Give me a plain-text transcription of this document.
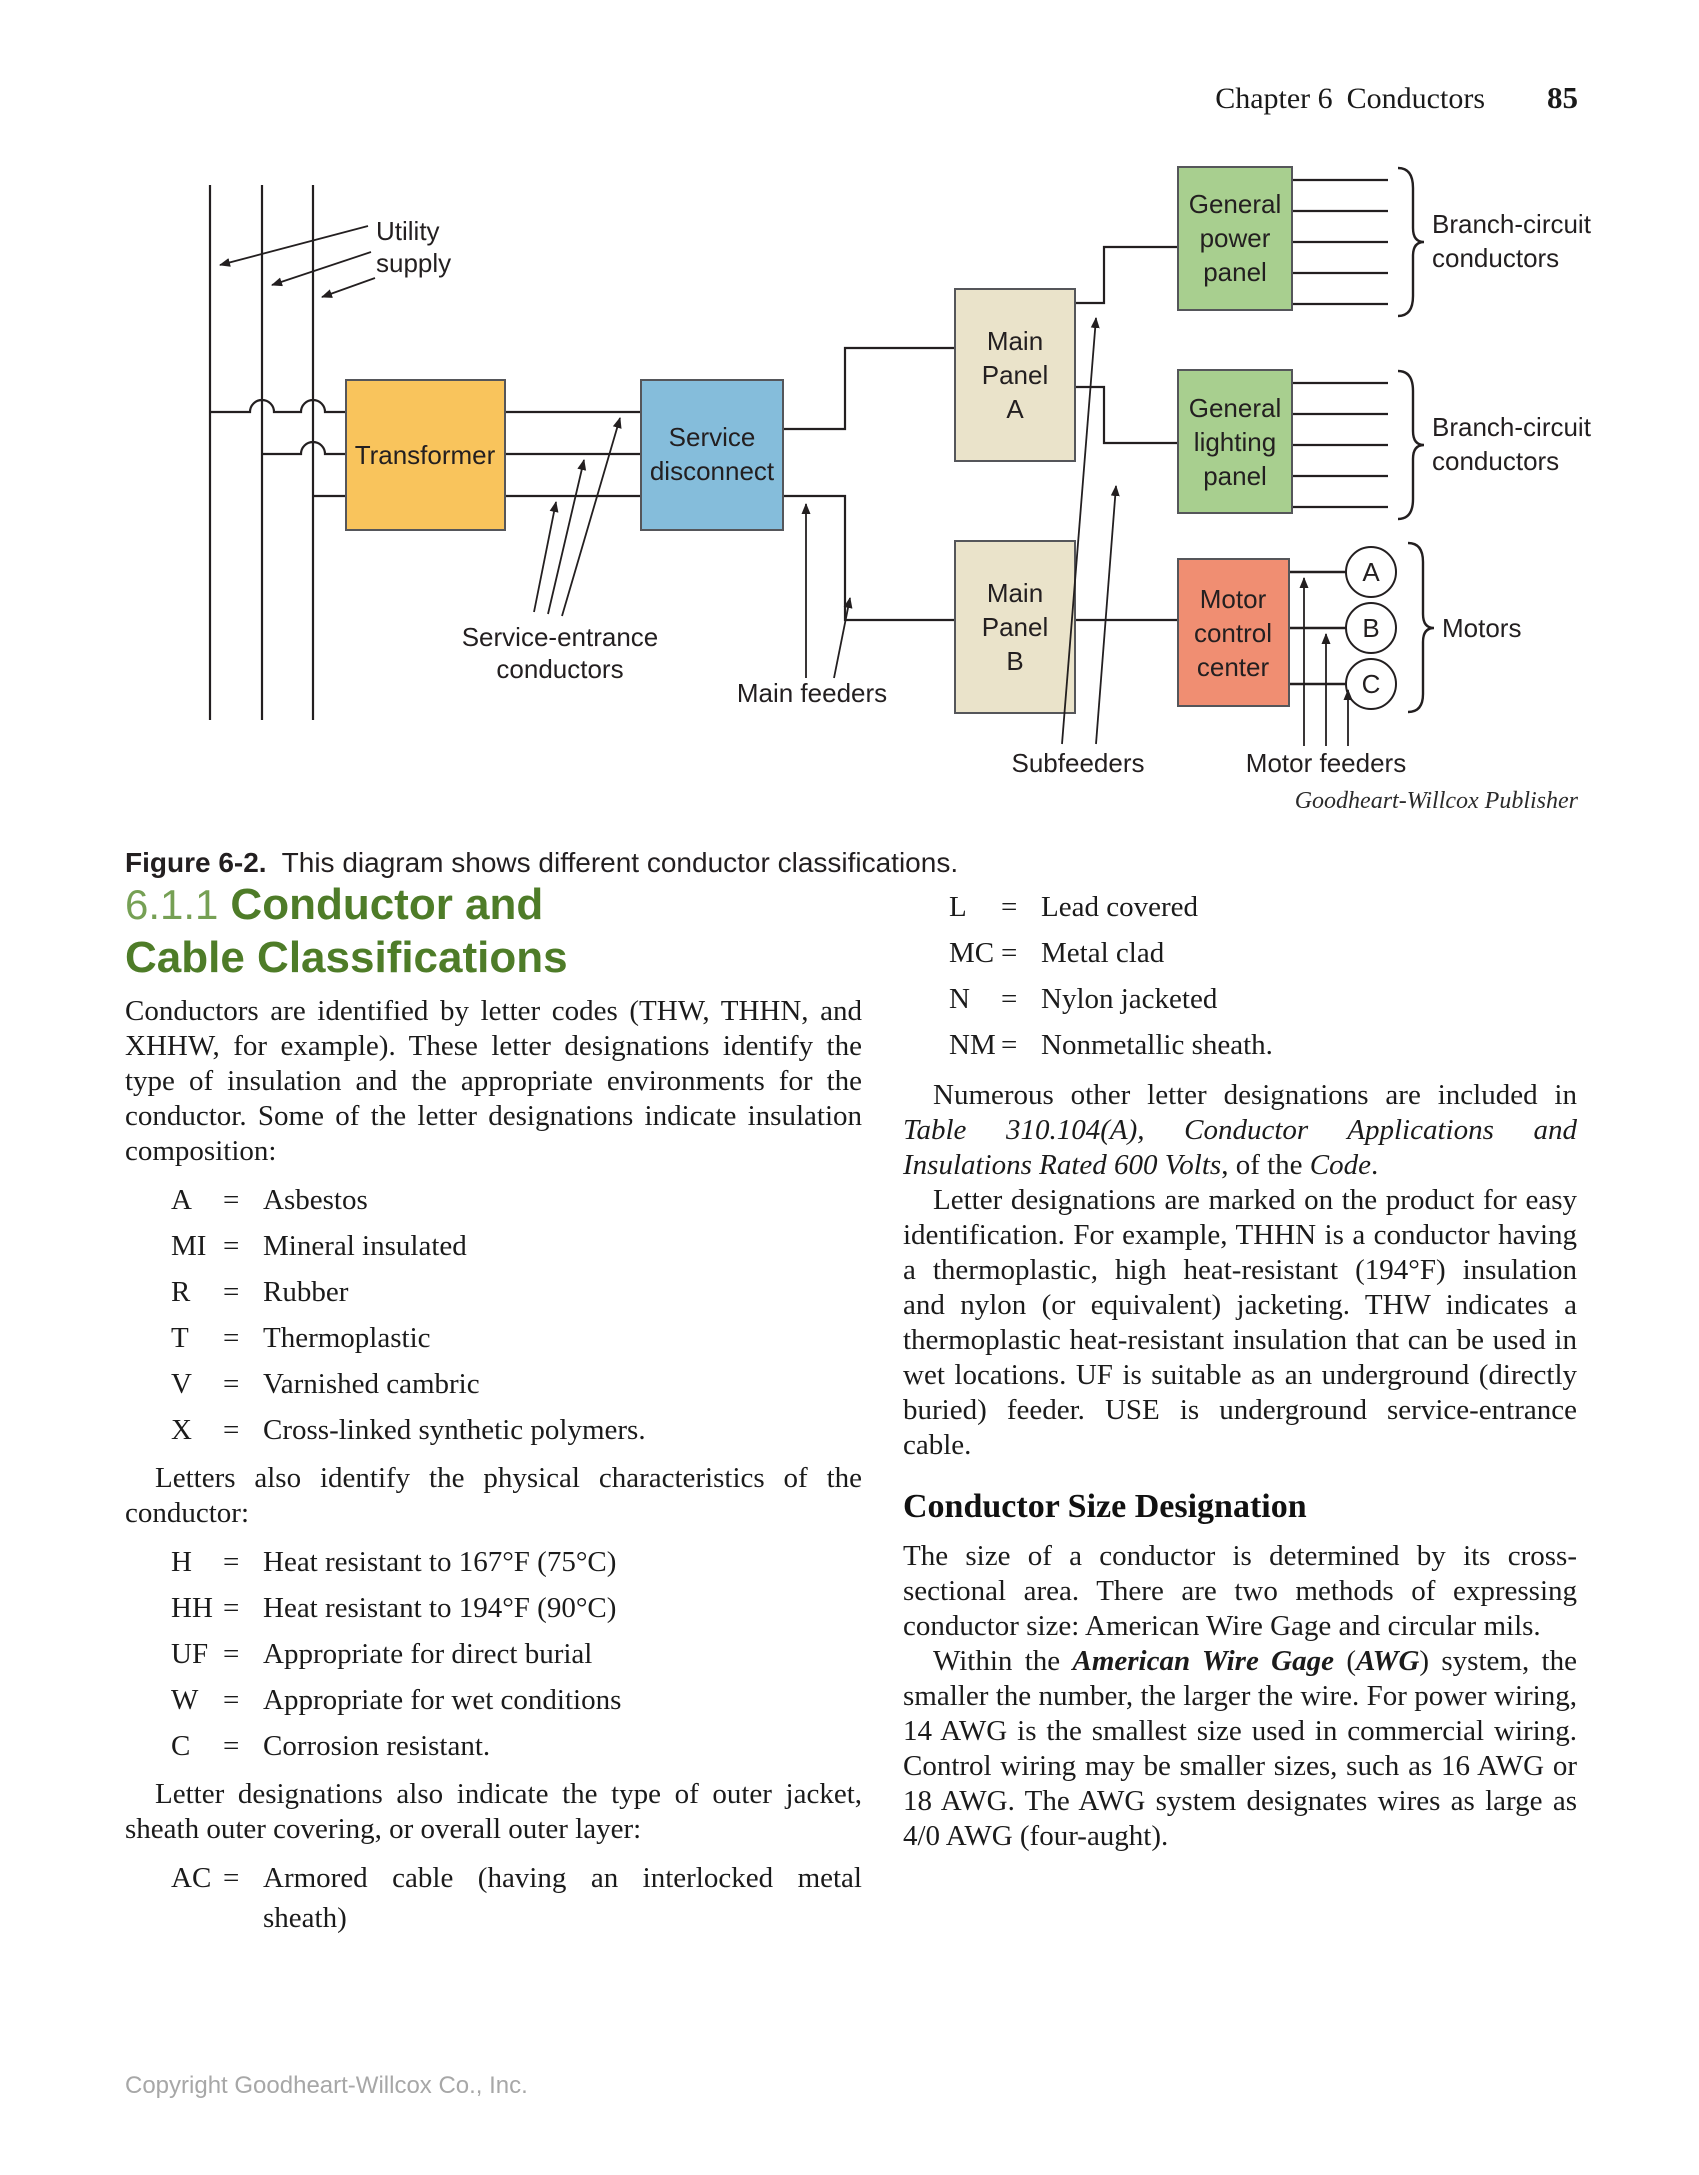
Chapter 6 Conductors 85
A
B
C
Utility
supply
Transformer
Service
disconnect
Main
Panel
A
Main
Panel
B
General
power
panel
General
lighting
panel
Motor
control
center
Branch-circuit
conductors
Branch-circuit
conductors
Motors
Service-entrance
conductors
Main feeders
Subfeeders	Motor feeders
Goodheart-Willcox Publisher

Figure 6-2.  This diagram shows different conductor classifications.

6.1.1 Conductor and
Cable Classifications

Conductors are identified by letter codes (THW, THHN, and XHHW, for example). These letter designations identify the type of insulation and the appropriate environments for the conductor. Some of the letter designations indicate insulation composition:

A	= Asbestos
MI = Mineral insulated
R	= Rubber
T	= Thermoplastic
V	= Varnished cambric
X	= Cross-linked synthetic polymers.

Letters also identify the physical characteristics of the conductor:

H	= Heat resistant to 167°F (75°C)
HH = Heat resistant to 194°F (90°C)
UF = Appropriate for direct burial
W = Appropriate for wet conditions
C	= Corrosion resistant.

Letter designations also indicate the type of outer jacket, sheath outer covering, or overall outer layer:

AC = Armored cable (having an interlocked metal sheath)
L	= Lead covered
MC = Metal clad
N	= Nylon jacketed
NM = Nonmetallic sheath.

Numerous other letter designations are included in Table 310.104(A), Conductor Applications and Insulations Rated 600 Volts, of the Code.

Letter designations are marked on the product for easy identification. For example, THHN is a conductor having a thermoplastic, high heat-resistant (194°F) insulation and nylon (or equivalent) jacketing. THW indicates a thermoplastic heat-resistant insulation that can be used in wet locations. UF is suitable as an underground (directly buried) feeder. USE is underground service-entrance cable.

Conductor Size Designation

The size of a conductor is determined by its cross-sectional area. There are two methods of expressing conductor size: American Wire Gage and circular mils.

Within the American Wire Gage (AWG) system, the smaller the number, the larger the wire. For power wiring, 14 AWG is the smallest size used in commercial wiring. Control wiring may be smaller sizes, such as 16 AWG or 18 AWG. The AWG system designates wires as large as 4/0 AWG (four-aught).

Copyright Goodheart-Willcox Co., Inc.
